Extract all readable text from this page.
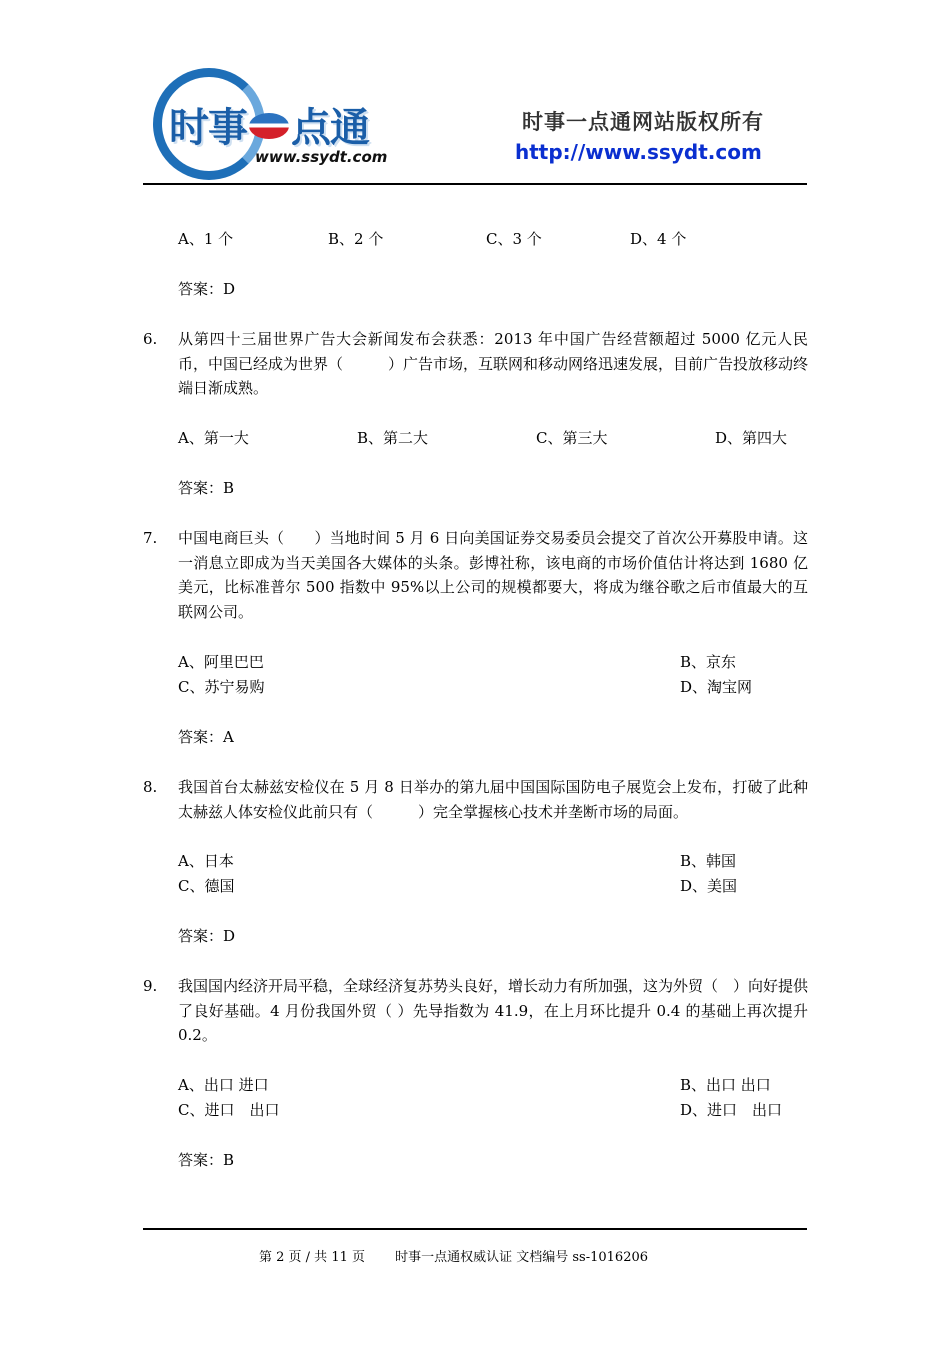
时事 点通
www.ssydt.com
时事一点通网站版权所有
http://www.ssydt.com
A、1 个	B、2 个	C、3 个	D、4 个
答案：D
6. 从第四十三届世界广告大会新闻发布会获悉：2013 年中国广告经营额超过 5000 亿元人民币，中国已经成为世界（　　　）广告市场，互联网和移动网络迅速发展，目前广告投放移动终端日渐成熟。
A、第一大	B、第二大	C、第三大	D、第四大
答案：B
7. 中国电商巨头（　　）当地时间 5 月 6 日向美国证券交易委员会提交了首次公开募股申请。这一消息立即成为当天美国各大媒体的头条。彭博社称，该电商的市场价值估计将达到 1680 亿美元，比标准普尔 500 指数中 95%以上公司的规模都要大，将成为继谷歌之后市值最大的互联网公司。
A、阿里巴巴	B、京东
C、苏宁易购	D、淘宝网
答案：A
8. 我国首台太赫兹安检仪在 5 月 8 日举办的第九届中国国际国防电子展览会上发布，打破了此种太赫兹人体安检仪此前只有（　　　）完全掌握核心技术并垄断市场的局面。
A、日本	B、韩国
C、德国	D、美国
答案：D
9. 我国国内经济开局平稳，全球经济复苏势头良好，增长动力有所加强，这为外贸（　）向好提供了良好基础。4 月份我国外贸（ ）先导指数为 41.9，在上月环比提升 0.4 的基础上再次提升 0.2。
A、出口 进口	B、出口 出口
C、进口　出口	D、进口　出口
答案：B
第 2 页 / 共 11 页　　 时事一点通权威认证 文档编号 ss-1016206
